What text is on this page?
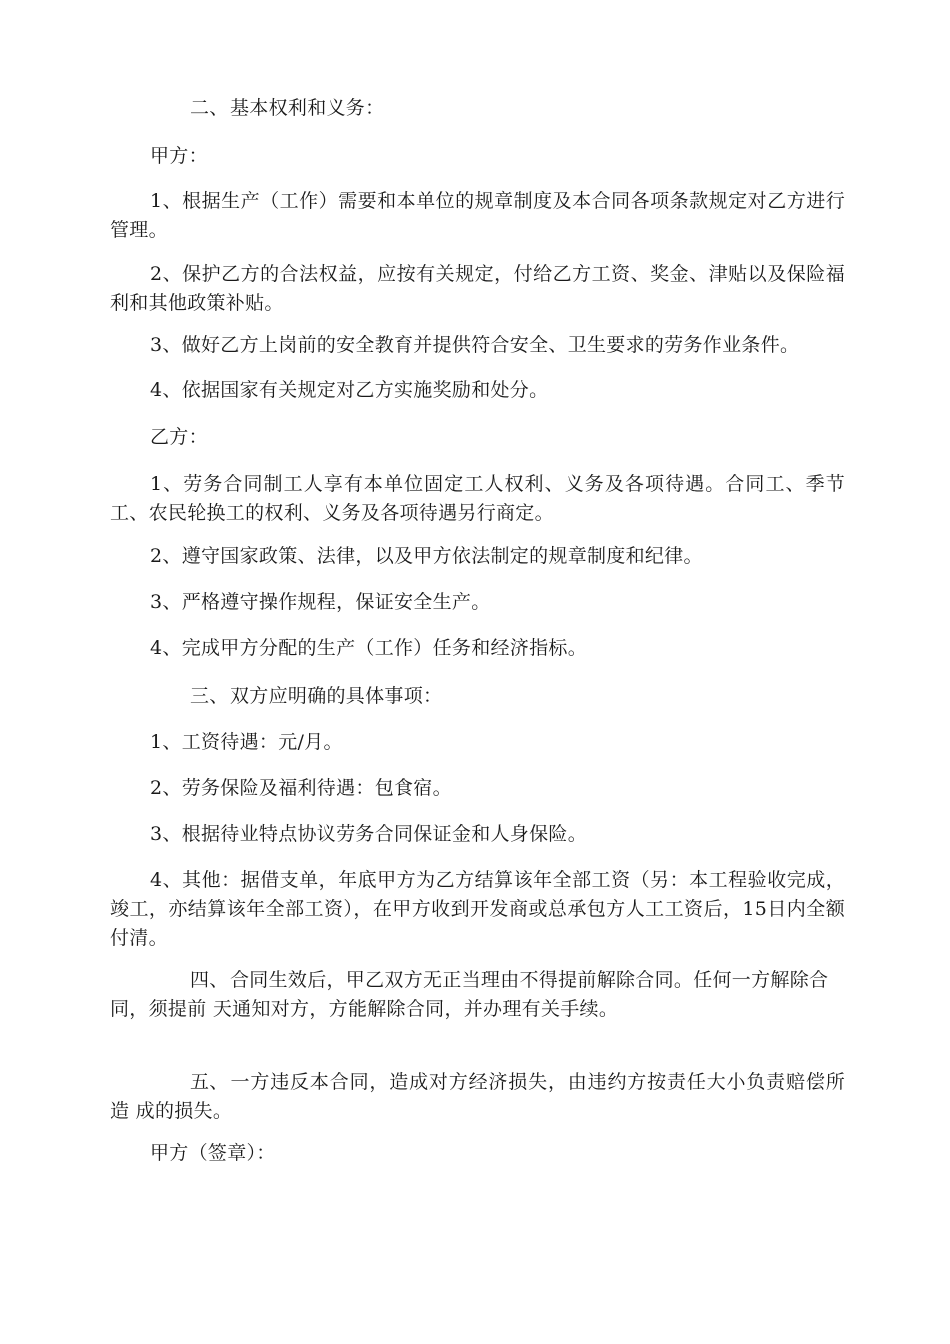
二、基本权利和义务：

甲方：

1、根据生产（工作）需要和本单位的规章制度及本合同各项条款规定对乙方进行管理。

2、保护乙方的合法权益，应按有关规定，付给乙方工资、奖金、津贴以及保险福利和其他政策补贴。

3、做好乙方上岗前的安全教育并提供符合安全、卫生要求的劳务作业条件。

4、依据国家有关规定对乙方实施奖励和处分。

乙方：

1、劳务合同制工人享有本单位固定工人权利、义务及各项待遇。合同工、季节工、农民轮换工的权利、义务及各项待遇另行商定。

2、遵守国家政策、法律，以及甲方依法制定的规章制度和纪律。

3、严格遵守操作规程，保证安全生产。

4、完成甲方分配的生产（工作）任务和经济指标。

三、双方应明确的具体事项：

1、工资待遇：元/月。

2、劳务保险及福利待遇：包食宿。

3、根据待业特点协议劳务合同保证金和人身保险。

4、其他：据借支单，年底甲方为乙方结算该年全部工资（另：本工程验收完成，竣工，亦结算该年全部工资），在甲方收到开发商或总承包方人工工资后，15日内全额付清。

四、合同生效后，甲乙双方无正当理由不得提前解除合同。任何一方解除合
同，须提前 天通知对方，方能解除合同，并办理有关手续。

五、一方违反本合同，造成对方经济损失，由违约方按责任大小负责赔偿所造 成的损失。

甲方（签章）：
